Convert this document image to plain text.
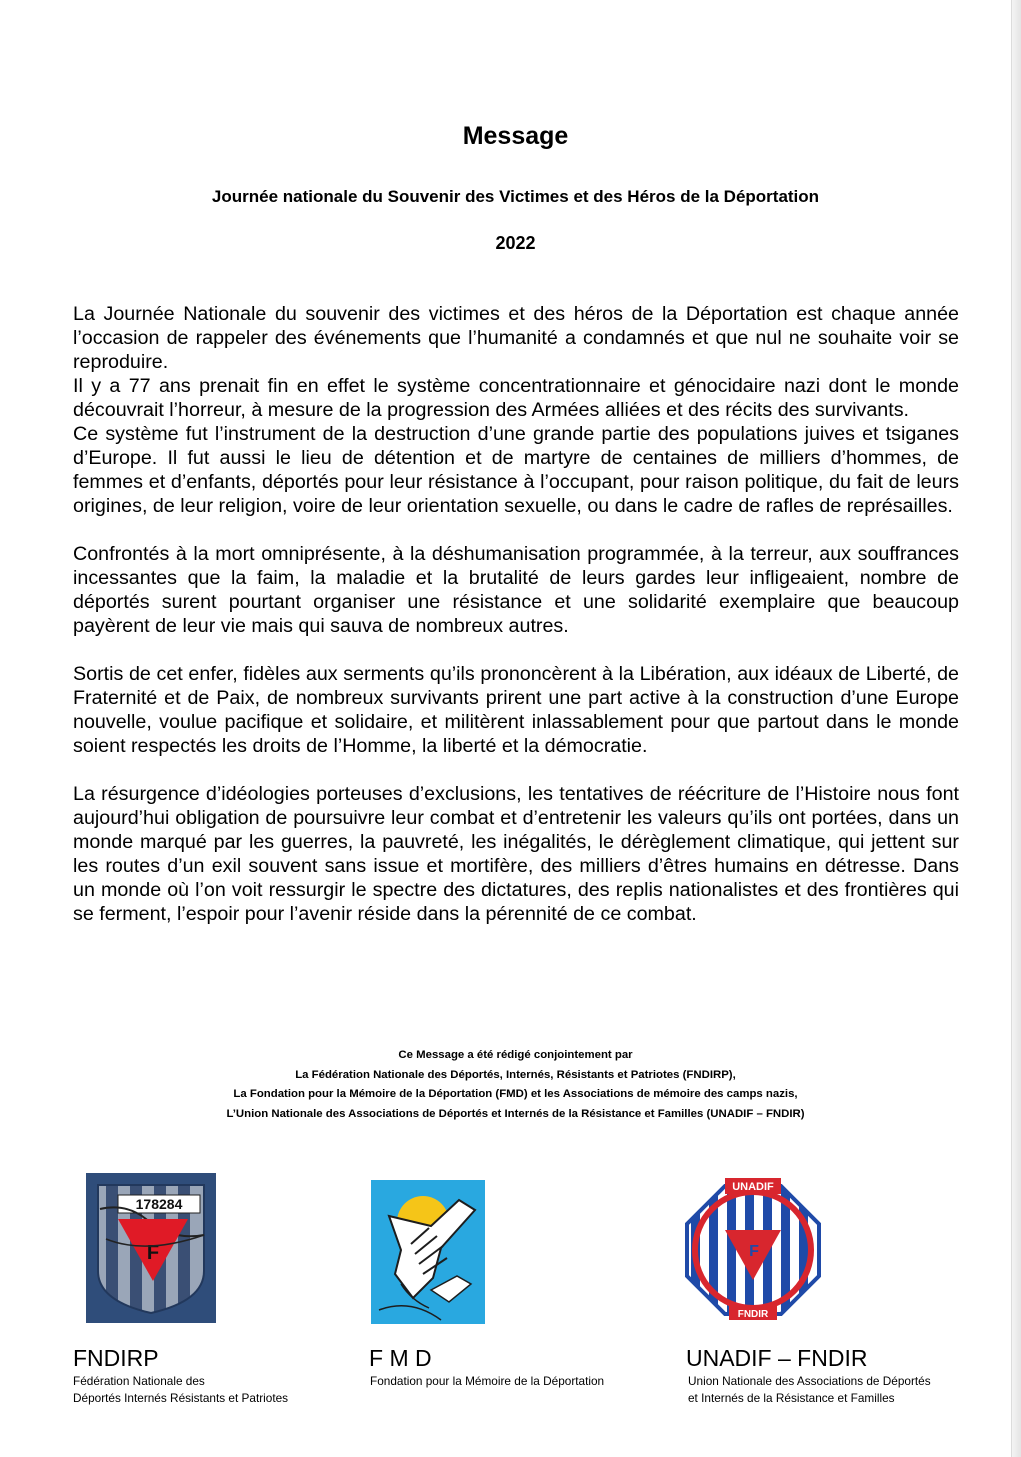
Message
Journée nationale du Souvenir des Victimes et des Héros de la Déportation
2022

La Journée Nationale du souvenir des victimes et des héros de la Déportation est chaque année l’occasion de rappeler des événements que l’humanité a condamnés et que nul ne souhaite voir se reproduire.

Il y a 77 ans prenait fin en effet le système concentrationnaire et génocidaire nazi dont le monde découvrait l’horreur, à mesure de la progression des Armées alliées et des récits des survivants.

Ce système fut l’instrument de la destruction d’une grande partie des populations juives et tsiganes d’Europe. Il fut aussi le lieu de détention et de martyre de centaines de milliers d’hommes, de femmes et d’enfants, déportés pour leur résistance à l’occupant, pour raison politique, du fait de leurs origines, de leur religion, voire de leur orientation sexuelle, ou dans le cadre de rafles de représailles.

Confrontés à la mort omniprésente, à la déshumanisation programmée, à la terreur, aux souffrances incessantes que la faim, la maladie et la brutalité de leurs gardes leur infligeaient, nombre de déportés surent pourtant organiser une résistance et une solidarité exemplaire que beaucoup payèrent de leur vie mais qui sauva de nombreux autres.

Sortis de cet enfer, fidèles aux serments qu’ils prononcèrent à la Libération, aux idéaux de Liberté, de Fraternité et de Paix, de nombreux survivants prirent une part active à la construction d’une Europe nouvelle, voulue pacifique et solidaire, et militèrent inlassablement pour que partout dans le monde soient respectés les droits de l’Homme, la liberté et la démocratie.

La résurgence d’idéologies porteuses d’exclusions, les tentatives de réécriture de l’Histoire nous font aujourd’hui obligation de poursuivre leur combat et d’entretenir les valeurs qu’ils ont portées, dans un monde marqué par les guerres, la pauvreté, les inégalités, le dérèglement climatique, qui jettent sur les routes d’un exil souvent sans issue et mortifère, des milliers d’êtres humains en détresse. Dans un monde où l’on voit ressurgir le spectre des dictatures, des replis nationalistes et des frontières qui se ferment, l’espoir pour l’avenir réside dans la pérennité de ce combat.

Ce Message a été rédigé conjointement par
La Fédération Nationale des Déportés, Internés, Résistants et Patriotes (FNDIRP),
La Fondation pour la Mémoire de la Déportation (FMD) et les Associations de mémoire des camps nazis,
L’Union Nationale des Associations de Déportés et Internés de la Résistance et Familles (UNADIF – FNDIR)
178284
F
UNADIF
FNDIR
F
FNDIRP
Fédération Nationale des
Déportés Internés Résistants et Patriotes
F M D
Fondation pour la Mémoire de la Déportation
UNADIF – FNDIR
Union Nationale des Associations de Déportés
et Internés de la Résistance et Familles
